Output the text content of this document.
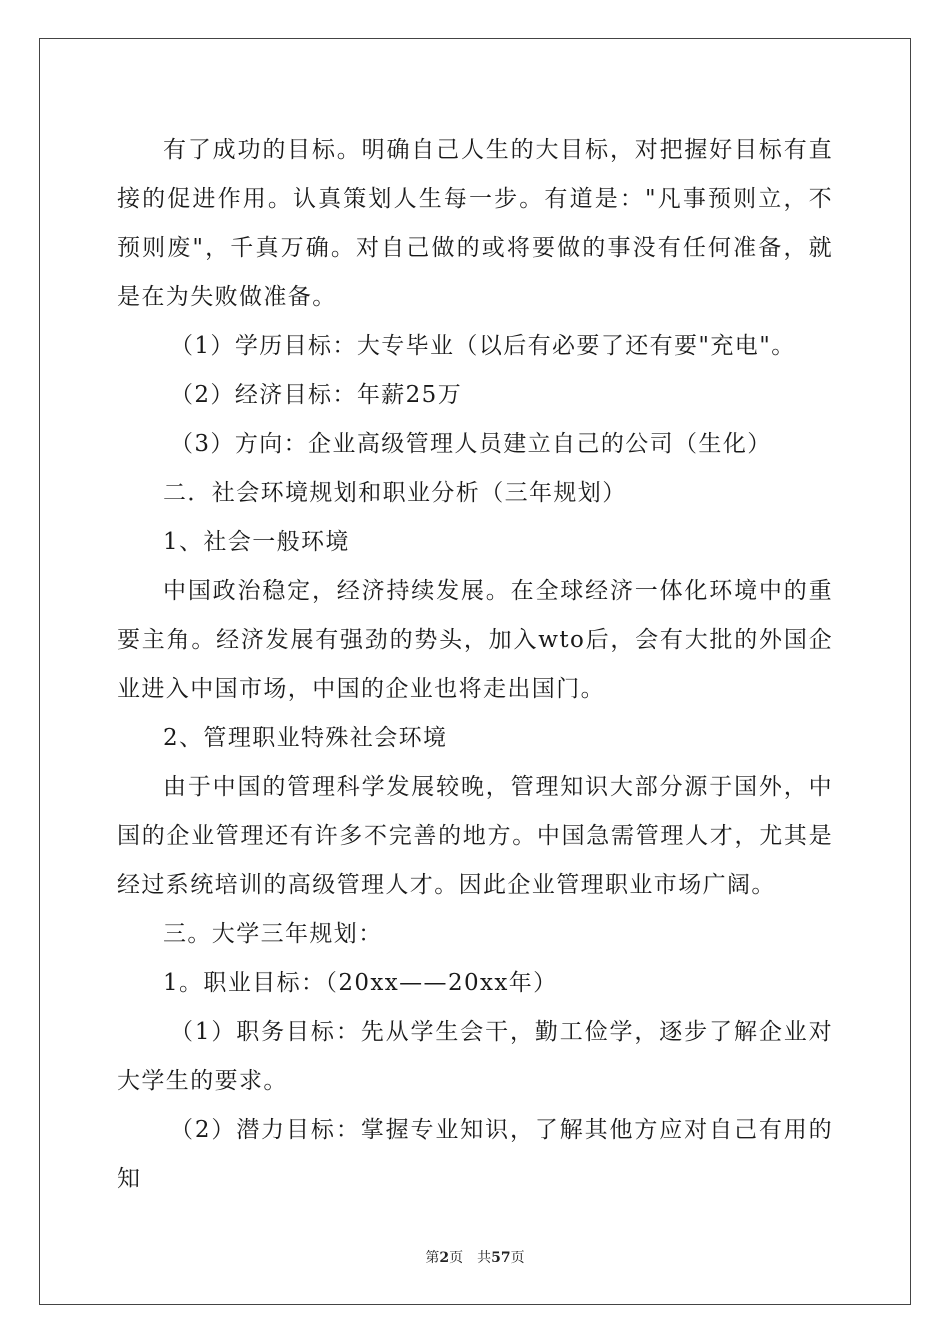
有了成功的目标。明确自己人生的大目标，对把握好目标有直接的促进作用。认真策划人生每一步。有道是："凡事预则立，不预则废"，千真万确。对自己做的或将要做的事没有任何准备，就是在为失败做准备。

（1）学历目标：大专毕业（以后有必要了还有要"充电"。

（2）经济目标：年薪25万

（3）方向：企业高级管理人员建立自己的公司（生化）

二．社会环境规划和职业分析（三年规划）

1、社会一般环境

中国政治稳定，经济持续发展。在全球经济一体化环境中的重要主角。经济发展有强劲的势头，加入wto后，会有大批的外国企业进入中国市场，中国的企业也将走出国门。

2、管理职业特殊社会环境

由于中国的管理科学发展较晚，管理知识大部分源于国外，中国的企业管理还有许多不完善的地方。中国急需管理人才，尤其是经过系统培训的高级管理人才。因此企业管理职业市场广阔。

三。大学三年规划：

1。职业目标：（20xx——20xx年）

（1）职务目标：先从学生会干，勤工俭学，逐步了解企业对大学生的要求。

（2）潜力目标：掌握专业知识，了解其他方应对自己有用的知

第2页　共57页
